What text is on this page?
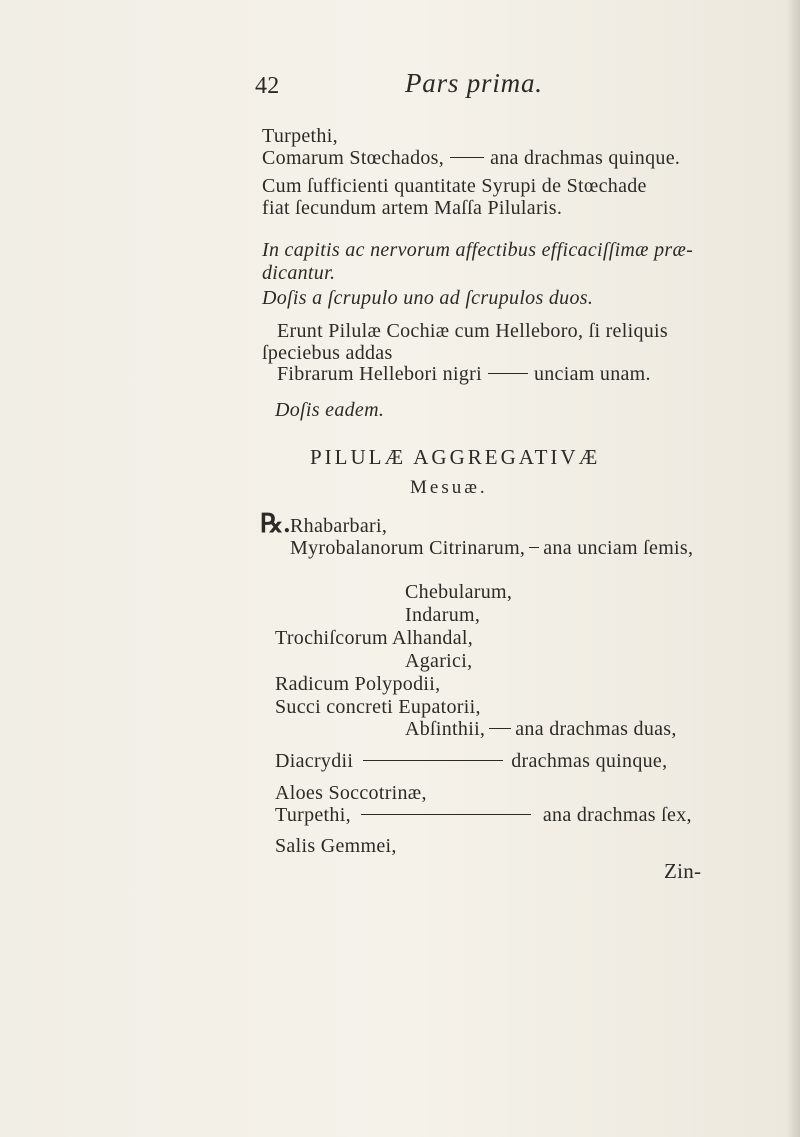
42	Pars prima.
Turpethi,
Comarum Stœchados, ana drachmas quinque.
Cum ſufficienti quantitate Syrupi de Stœchade
fiat ſecundum artem Maſſa Pilularis.
In capitis ac nervorum affectibus efficaciſſimæ præ-
dicantur.
Doſis a ſcrupulo uno ad ſcrupulos duos.
Erunt Pilulæ Cochiæ cum Helleboro, ſi reliquis
ſpeciebus addas
Fibrarum Hellebori nigri	unciam unam.
Doſis eadem.
PILULÆ AGGREGATIVÆ
Mesuæ.
℞. Rhabarbari,
Myrobalanorum Citrinarum, ana unciam ſemis,
Chebularum,
Indarum,
Trochiſcorum Alhandal,
Agarici,
Radicum Polypodii,
Succi concreti Eupatorii,
Abſinthii, ana drachmas duas,
Diacrydii	drachmas quinque,
Aloes Soccotrinæ,
Turpethi,	ana drachmas ſex,
Salis Gemmei,
Zin-
